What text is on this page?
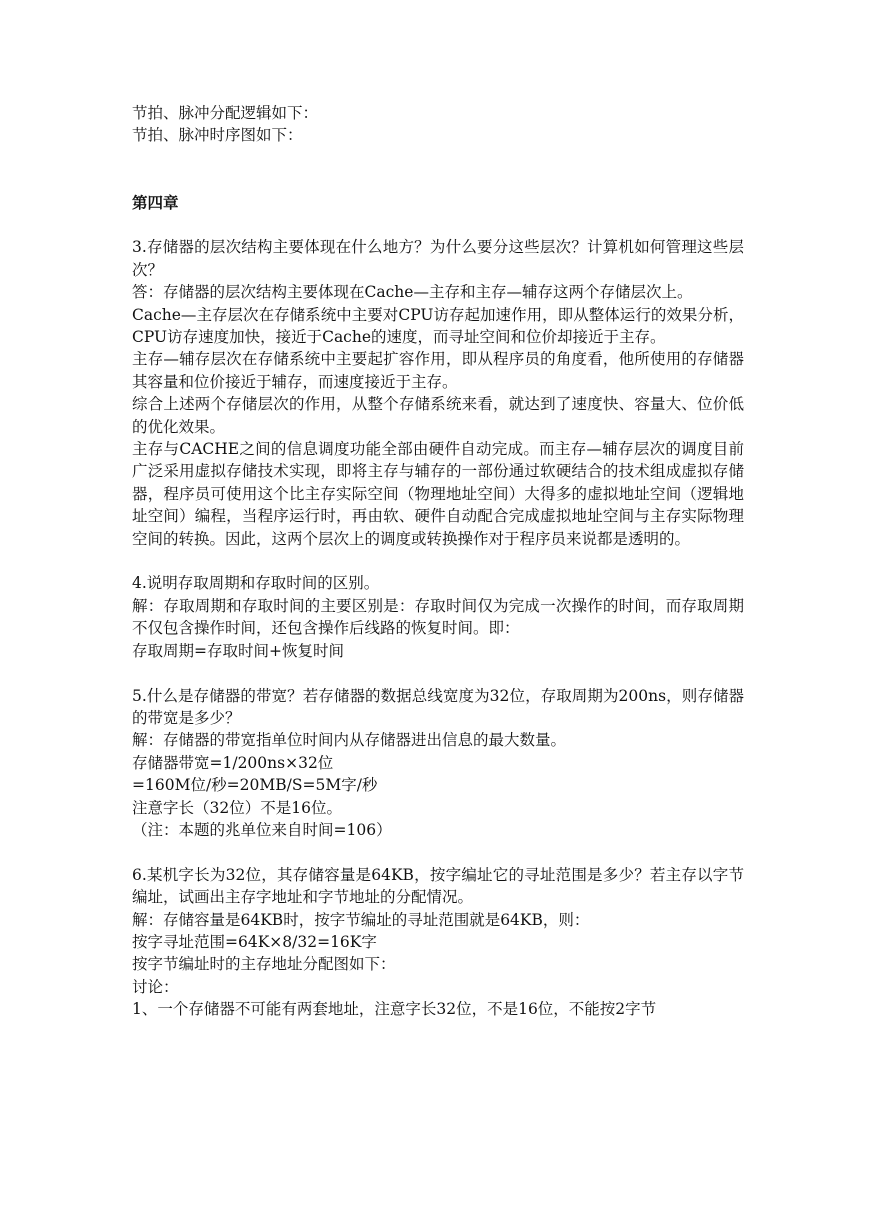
节拍、脉冲分配逻辑如下：

节拍、脉冲时序图如下：

第四章

3.存储器的层次结构主要体现在什么地方？为什么要分这些层次？计算机如何管理这些层次？

答：存储器的层次结构主要体现在Cache—主存和主存—辅存这两个存储层次上。

Cache—主存层次在存储系统中主要对CPU访存起加速作用，即从整体运行的效果分析，CPU访存速度加快，接近于Cache的速度，而寻址空间和位价却接近于主存。

主存—辅存层次在存储系统中主要起扩容作用，即从程序员的角度看，他所使用的存储器其容量和位价接近于辅存，而速度接近于主存。

综合上述两个存储层次的作用，从整个存储系统来看，就达到了速度快、容量大、位价低的优化效果。

主存与CACHE之间的信息调度功能全部由硬件自动完成。而主存—辅存层次的调度目前广泛采用虚拟存储技术实现，即将主存与辅存的一部份通过软硬结合的技术组成虚拟存储器，程序员可使用这个比主存实际空间（物理地址空间）大得多的虚拟地址空间（逻辑地址空间）编程，当程序运行时，再由软、硬件自动配合完成虚拟地址空间与主存实际物理空间的转换。因此，这两个层次上的调度或转换操作对于程序员来说都是透明的。

4.说明存取周期和存取时间的区别。

解：存取周期和存取时间的主要区别是：存取时间仅为完成一次操作的时间，而存取周期不仅包含操作时间，还包含操作后线路的恢复时间。即：

存取周期=存取时间+恢复时间

5.什么是存储器的带宽？若存储器的数据总线宽度为32位，存取周期为200ns，则存储器的带宽是多少？

解：存储器的带宽指单位时间内从存储器进出信息的最大数量。

存储器带宽=1/200ns×32位

=160M位/秒=20MB/S=5M字/秒

注意字长（32位）不是16位。

（注：本题的兆单位来自时间=106）

6.某机字长为32位，其存储容量是64KB，按字编址它的寻址范围是多少？若主存以字节编址，试画出主存字地址和字节地址的分配情况。

解：存储容量是64KB时，按字节编址的寻址范围就是64KB，则：

按字寻址范围=64K×8/32=16K字

按字节编址时的主存地址分配图如下：

讨论：

1、一个存储器不可能有两套地址，注意字长32位，不是16位，不能按2字节
